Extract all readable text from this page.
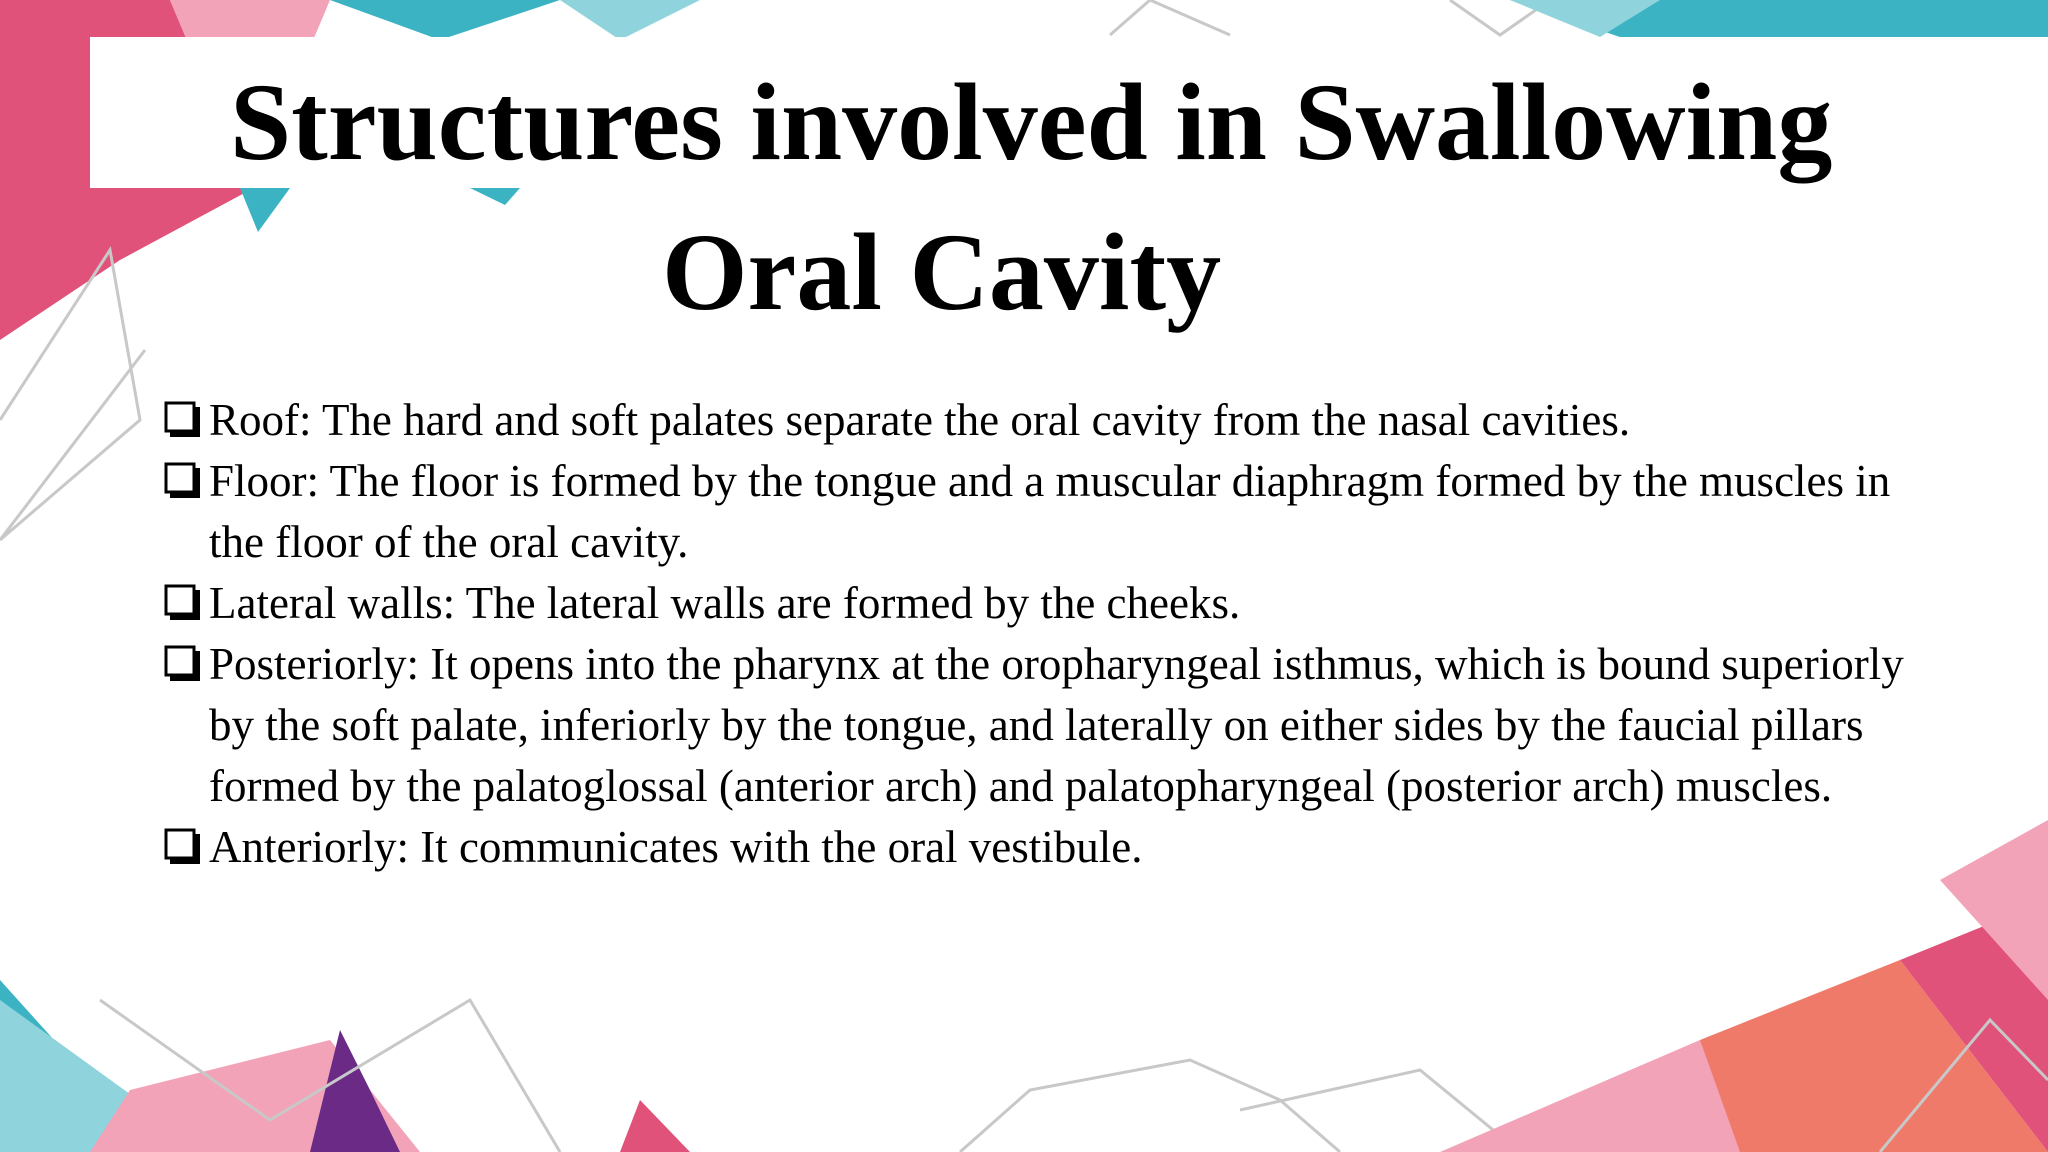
Structures involved in Swallowing
Oral Cavity
Roof: The hard and soft palates separate the oral cavity from the nasal cavities.
Floor: The floor is formed by the tongue and a muscular diaphragm formed by the muscles in the floor of the oral cavity.
Lateral walls: The lateral walls are formed by the cheeks.
Posteriorly: It opens into the pharynx at the oropharyngeal isthmus, which is bound superiorly by the soft palate, inferiorly by the tongue, and laterally on either sides by the faucial pillars formed by the palatoglossal (anterior arch) and palatopharyngeal (posterior arch) muscles.
Anteriorly: It communicates with the oral vestibule.
